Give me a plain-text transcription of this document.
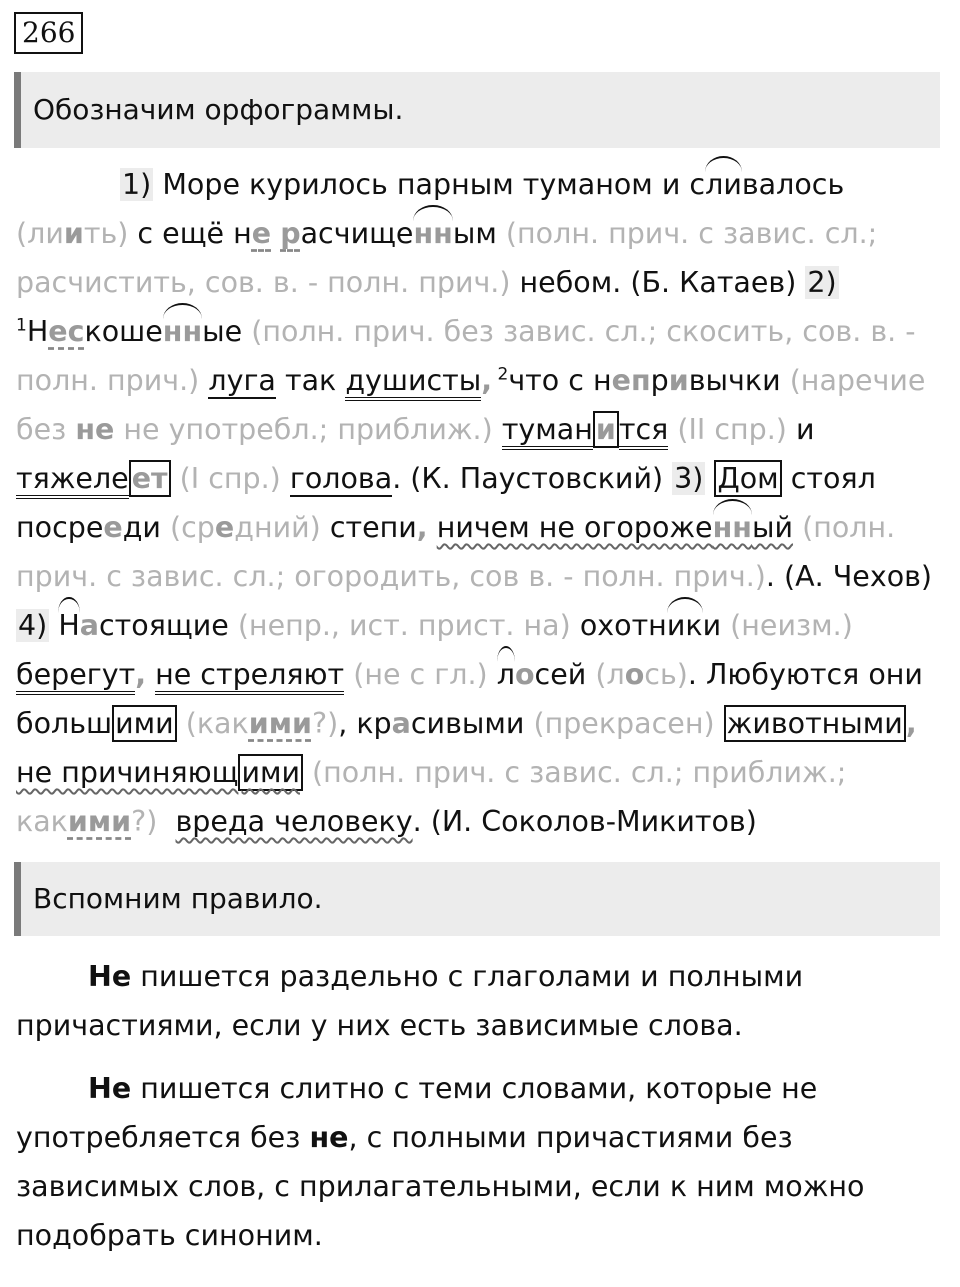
266
Обозначим орфограммы.
1) Море курилось парным туманом и сливалось
(лиить) с ещё не расчищенным (полн. прич. с завис. сл.;
расчистить, сов. в. - полн. прич.) небом. (Б. Катаев) 2)
$^1$Нескошенные (полн. прич. без завис. сл.; скосить, сов. в. -
полн. прич.) луга так душисты, $^2$что с непривычки (наречие
без не не употребл.; приближ.) туман и тся (II спр.) и
тяжеле ет (I спр.) голова. (К. Паустовский) 3) Дом стоял
посрееди (средний) степи, ничем не огороженный (полн.
прич. с завис. сл.; огородить, сов в. - полн. прич.). (А. Чехов)
4) Настоящие (непр., ист. прист. на) охотники (неизм.)
берегут, не стреляют (не с гл.) лосей (лось). Любуются они
больш ими (какими?), красивыми (прекрасен) животными ,
не причиняющ ими (полн. прич. с завис. сл.; приближ.;
какими?) вреда человеку. (И. Соколов-Микитов)
Вспомним правило.

Не пишется раздельно с глаголами и полными
причастиями, если у них есть зависимые слова.

Не пишется слитно с теми словами, которые не
употребляется без не, с полными причастиями без
зависимых слов, с прилагательными, если к ним можно
подобрать синоним.
